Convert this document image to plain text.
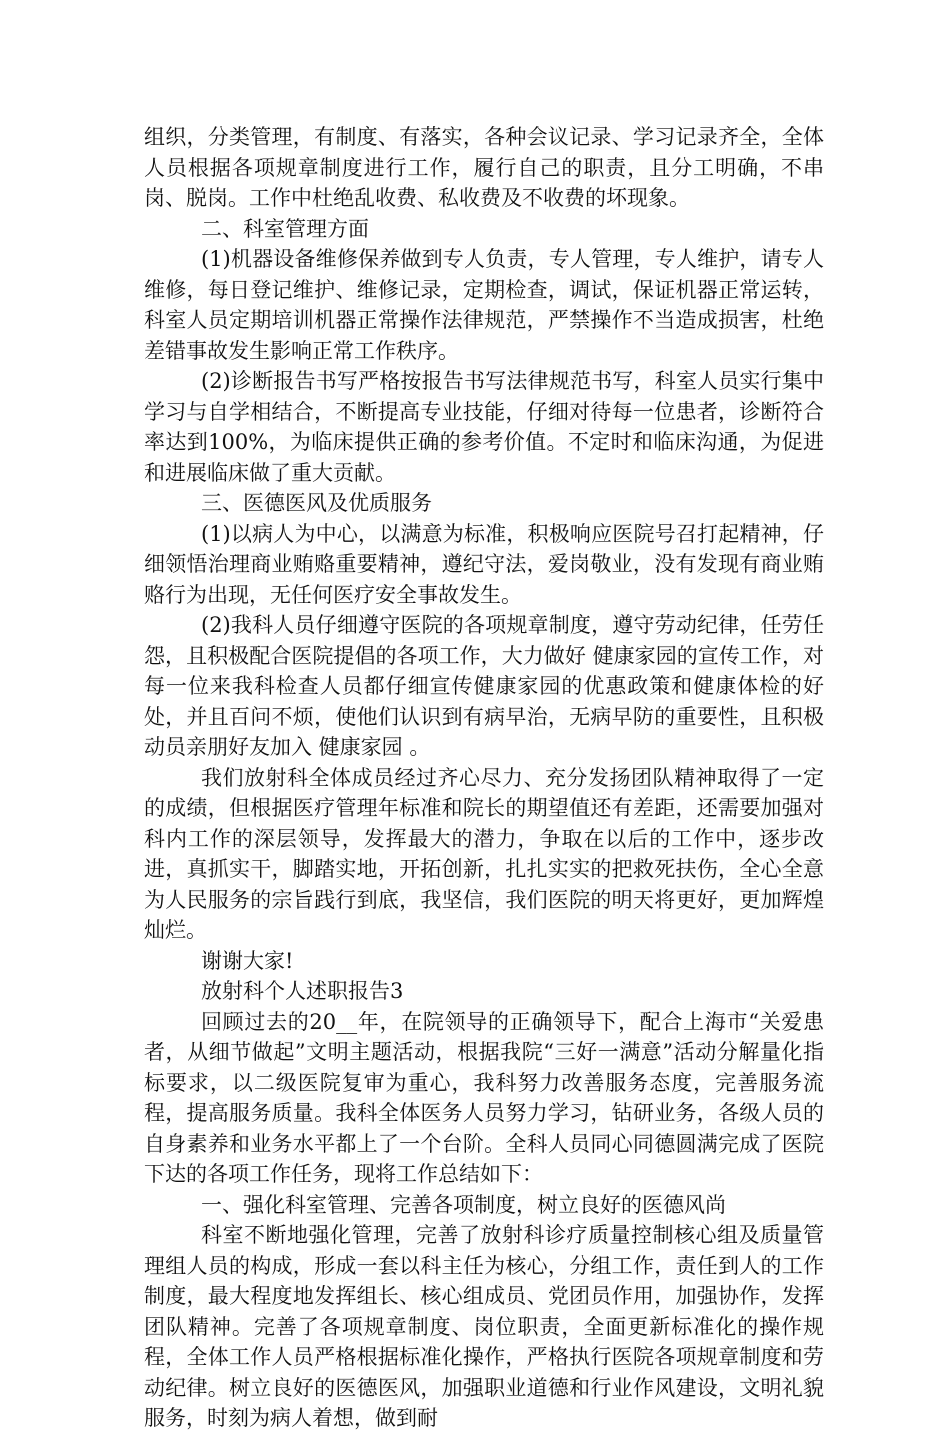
组织，分类管理，有制度、有落实，各种会议记录、学习记录齐全，全体人员根据各项规章制度进行工作，履行自己的职责，且分工明确，不串岗、脱岗。工作中杜绝乱收费、私收费及不收费的坏现象。

二、科室管理方面

(1)机器设备维修保养做到专人负责，专人管理，专人维护，请专人维修，每日登记维护、维修记录，定期检查，调试，保证机器正常运转，科室人员定期培训机器正常操作法律规范，严禁操作不当造成损害，杜绝差错事故发生影响正常工作秩序。

(2)诊断报告书写严格按报告书写法律规范书写，科室人员实行集中学习与自学相结合，不断提高专业技能，仔细对待每一位患者，诊断符合率达到100%，为临床提供正确的参考价值。不定时和临床沟通，为促进和进展临床做了重大贡献。

三、医德医风及优质服务

(1)以病人为中心，以满意为标准，积极响应医院号召打起精神，仔细领悟治理商业贿赂重要精神，遵纪守法，爱岗敬业，没有发现有商业贿赂行为出现，无任何医疗安全事故发生。

(2)我科人员仔细遵守医院的各项规章制度，遵守劳动纪律，任劳任怨，且积极配合医院提倡的各项工作，大力做好 健康家园的宣传工作，对每一位来我科检查人员都仔细宣传健康家园的优惠政策和健康体检的好处，并且百问不烦，使他们认识到有病早治，无病早防的重要性，且积极动员亲朋好友加入 健康家园 。

我们放射科全体成员经过齐心尽力、充分发扬团队精神取得了一定的成绩，但根据医疗管理年标准和院长的期望值还有差距，还需要加强对科内工作的深层领导，发挥最大的潜力，争取在以后的工作中，逐步改进，真抓实干，脚踏实地，开拓创新，扎扎实实的把救死扶伤，全心全意为人民服务的宗旨践行到底，我坚信，我们医院的明天将更好，更加辉煌灿烂。

谢谢大家!

放射科个人述职报告3

回顾过去的20__年，在院领导的正确领导下，配合上海市“关爱患者，从细节做起”文明主题活动，根据我院“三好一满意”活动分解量化指标要求，以二级医院复审为重心，我科努力改善服务态度，完善服务流程，提高服务质量。我科全体医务人员努力学习，钻研业务，各级人员的自身素养和业务水平都上了一个台阶。全科人员同心同德圆满完成了医院下达的各项工作任务，现将工作总结如下：

一、强化科室管理、完善各项制度，树立良好的医德风尚

科室不断地强化管理，完善了放射科诊疗质量控制核心组及质量管理组人员的构成，形成一套以科主任为核心，分组工作，责任到人的工作制度，最大程度地发挥组长、核心组成员、党团员作用，加强协作，发挥团队精神。完善了各项规章制度、岗位职责，全面更新标准化的操作规程，全体工作人员严格根据标准化操作，严格执行医院各项规章制度和劳动纪律。树立良好的医德医风，加强职业道德和行业作风建设，文明礼貌服务，时刻为病人着想，做到耐
